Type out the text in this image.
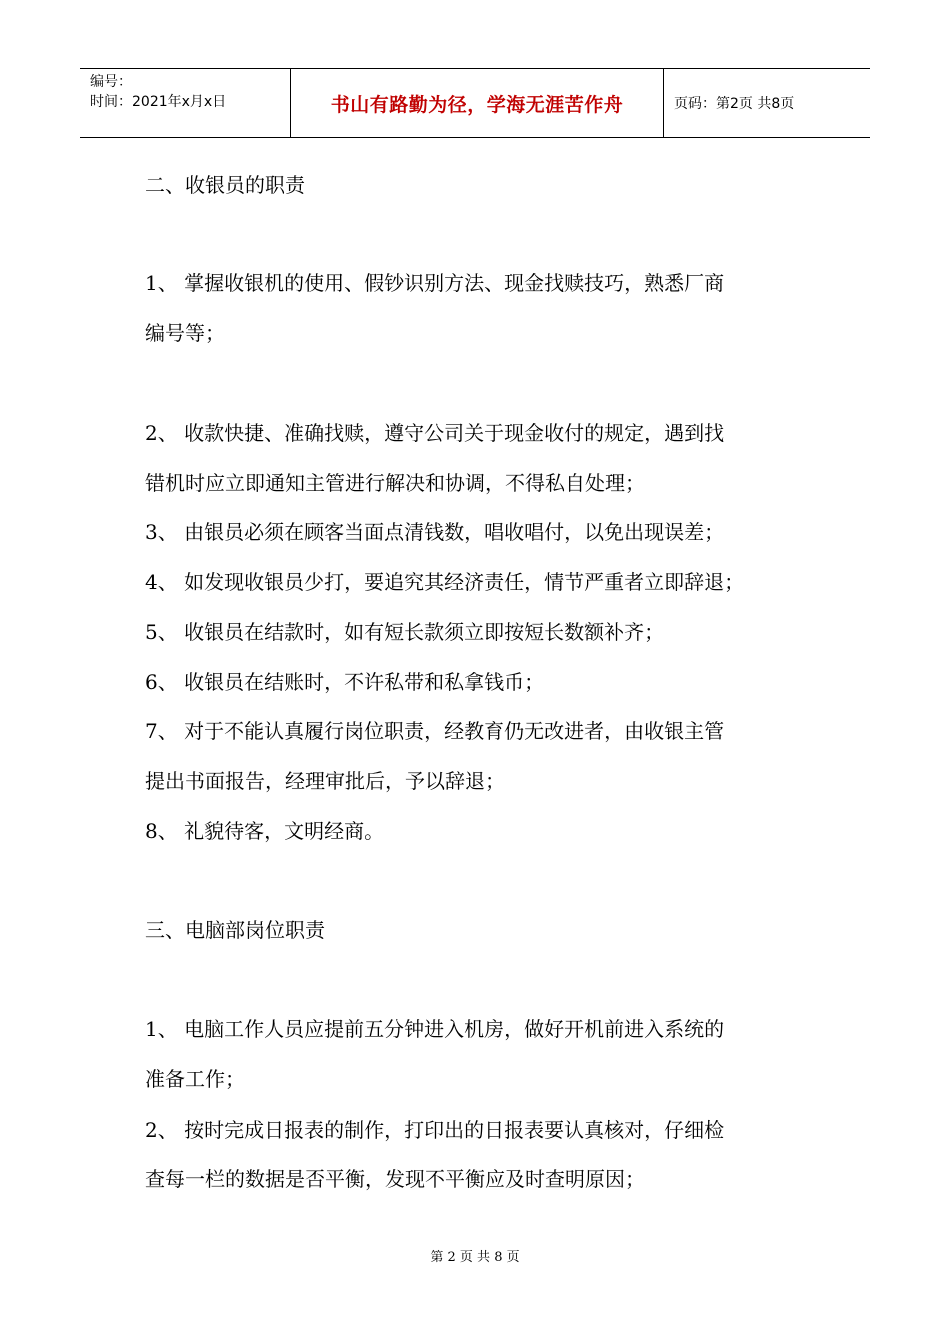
编号：
时间：2021年x月x日	书山有路勤为径，学海无涯苦作舟	页码：第2页 共8页
二、收银员的职责
1、 掌握收银机的使用、假钞识别方法、现金找赎技巧，熟悉厂商
编号等；
2、 收款快捷、准确找赎，遵守公司关于现金收付的规定，遇到找
错机时应立即通知主管进行解决和协调，不得私自处理；
3、 由银员必须在顾客当面点清钱数，唱收唱付，以免出现误差；
4、 如发现收银员少打，要追究其经济责任，情节严重者立即辞退；
5、 收银员在结款时，如有短长款须立即按短长数额补齐；
6、 收银员在结账时，不许私带和私拿钱币；
7、 对于不能认真履行岗位职责，经教育仍无改进者，由收银主管
提出书面报告，经理审批后，予以辞退；
8、 礼貌待客，文明经商。
三、电脑部岗位职责
1、 电脑工作人员应提前五分钟进入机房，做好开机前进入系统的
准备工作；
2、 按时完成日报表的制作，打印出的日报表要认真核对，仔细检
查每一栏的数据是否平衡，发现不平衡应及时查明原因；
第 2 页 共 8 页
